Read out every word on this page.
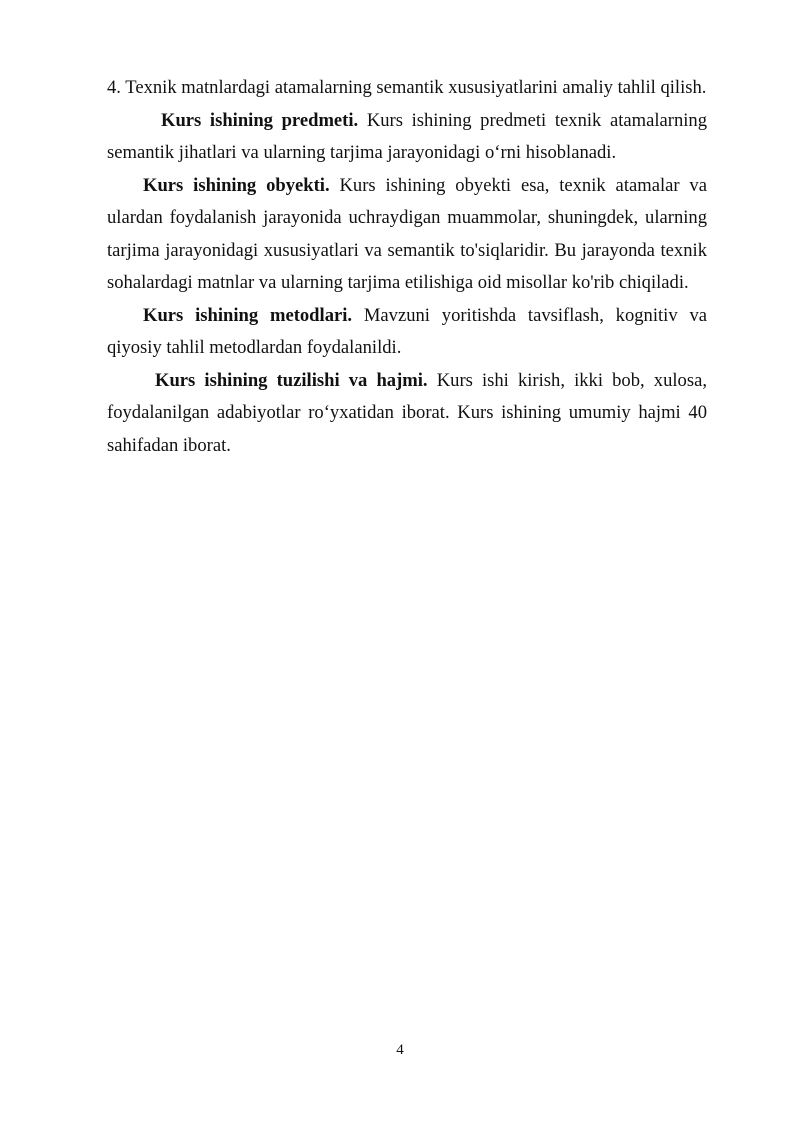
4. Texnik matnlardagi atamalarning semantik xususiyatlarini amaliy tahlil qilish.

Kurs ishining predmeti. Kurs ishining predmeti texnik atamalarning semantik jihatlari va ularning tarjima jarayonidagi o‘rni hisoblanadi.

Kurs ishining obyekti. Kurs ishining obyekti esa, texnik atamalar va ulardan foydalanish jarayonida uchraydigan muammolar, shuningdek, ularning tarjima jarayonidagi xususiyatlari va semantik to'siqlaridir. Bu jarayonda texnik sohalardagi matnlar va ularning tarjima etilishiga oid misollar ko'rib chiqiladi.

Kurs ishining metodlari. Mavzuni yoritishda tavsiflash, kognitiv va qiyosiy tahlil metodlardan foydalanildi.

Kurs ishining tuzilishi va hajmi. Kurs ishi kirish, ikki bob, xulosa, foydalanilgan adabiyotlar ro‘yxatidan iborat. Kurs ishining umumiy hajmi 40 sahifadan iborat.

4
